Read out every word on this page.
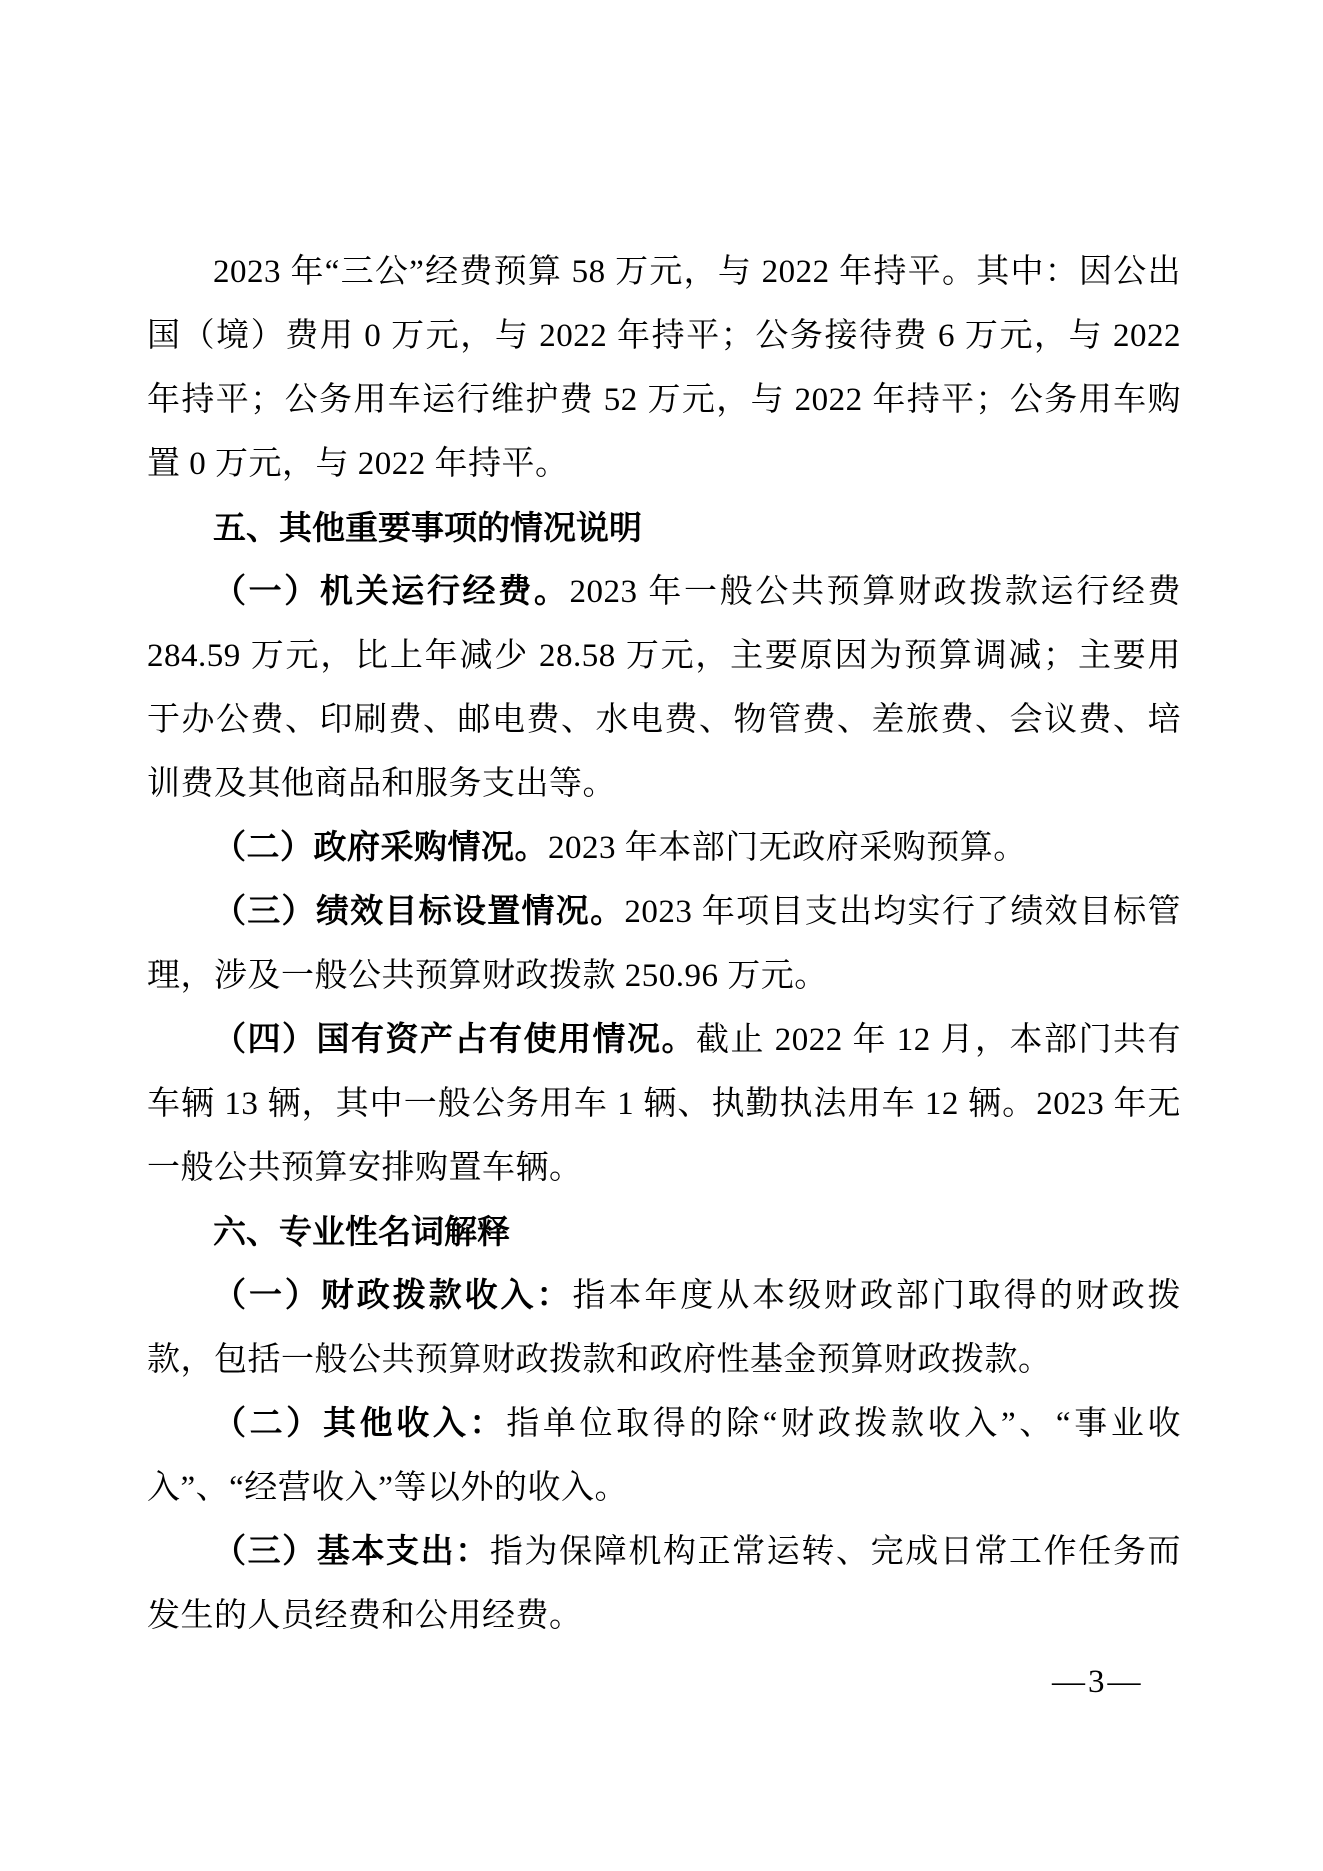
2023 年“三公”经费预算 58 万元，与 2022 年持平。其中：因公出国（境）费用 0 万元，与 2022 年持平；公务接待费 6 万元，与 2022 年持平；公务用车运行维护费 52 万元，与 2022 年持平；公务用车购置 0 万元，与 2022 年持平。

五、其他重要事项的情况说明

（一）机关运行经费。2023 年一般公共预算财政拨款运行经费 284.59 万元，比上年减少 28.58 万元，主要原因为预算调减；主要用于办公费、印刷费、邮电费、水电费、物管费、差旅费、会议费、培训费及其他商品和服务支出等。

（二）政府采购情况。2023 年本部门无政府采购预算。

（三）绩效目标设置情况。2023 年项目支出均实行了绩效目标管理，涉及一般公共预算财政拨款 250.96 万元。

（四）国有资产占有使用情况。截止 2022 年 12 月，本部门共有车辆 13 辆，其中一般公务用车 1 辆、执勤执法用车 12 辆。2023 年无一般公共预算安排购置车辆。

六、专业性名词解释

（一）财政拨款收入：指本年度从本级财政部门取得的财政拨款，包括一般公共预算财政拨款和政府性基金预算财政拨款。

（二）其他收入：指单位取得的除“财政拨款收入”、“事业收入”、“经营收入”等以外的收入。

（三）基本支出：指为保障机构正常运转、完成日常工作任务而发生的人员经费和公用经费。

—3—
